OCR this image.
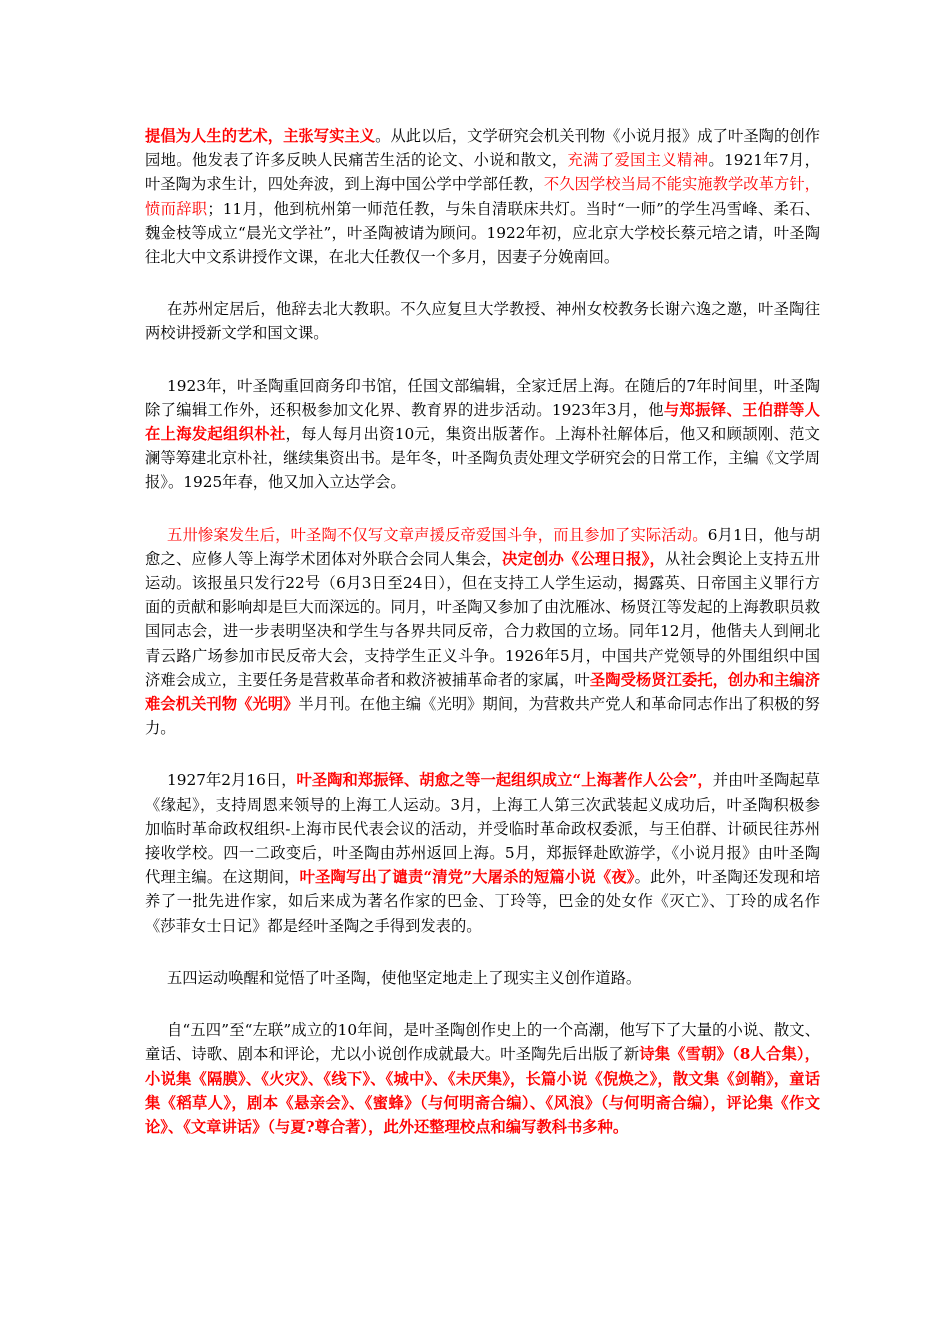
提倡为人生的艺术，主张写实主义。从此以后，文学研究会机关刊物《小说月报》成了叶圣陶的创作园地。他发表了许多反映人民痛苦生活的论文、小说和散文，充满了爱国主义精神。1921年7月，叶圣陶为求生计，四处奔波，到上海中国公学中学部任教，不久因学校当局不能实施教学改革方针，愤而辞职；11月，他到杭州第一师范任教，与朱自清联床共灯。当时“一师”的学生冯雪峰、柔石、魏金枝等成立“晨光文学社”，叶圣陶被请为顾问。1922年初，应北京大学校长蔡元培之请，叶圣陶往北大中文系讲授作文课，在北大任教仅一个多月，因妻子分娩南回。

在苏州定居后，他辞去北大教职。不久应复旦大学教授、神州女校教务长谢六逸之邀，叶圣陶往两校讲授新文学和国文课。

1923年，叶圣陶重回商务印书馆，任国文部编辑，全家迁居上海。在随后的7年时间里，叶圣陶除了编辑工作外，还积极参加文化界、教育界的进步活动。1923年3月，他与郑振铎、王伯群等人在上海发起组织朴社，每人每月出资10元，集资出版著作。上海朴社解体后，他又和顾颉刚、范文澜等筹建北京朴社，继续集资出书。是年冬，叶圣陶负责处理文学研究会的日常工作，主编《文学周报》。1925年春，他又加入立达学会。

五卅惨案发生后，叶圣陶不仅写文章声援反帝爱国斗争，而且参加了实际活动。6月1日，他与胡愈之、应修人等上海学术团体对外联合会同人集会，决定创办《公理日报》，从社会舆论上支持五卅运动。该报虽只发行22号（6月3日至24日），但在支持工人学生运动，揭露英、日帝国主义罪行方面的贡献和影响却是巨大而深远的。同月，叶圣陶又参加了由沈雁冰、杨贤江等发起的上海教职员救国同志会，进一步表明坚决和学生与各界共同反帝，合力救国的立场。同年12月，他偕夫人到闸北青云路广场参加市民反帝大会，支持学生正义斗争。1926年5月，中国共产党领导的外围组织中国济难会成立，主要任务是营救革命者和救济被捕革命者的家属，叶圣陶受杨贤江委托，创办和主编济难会机关刊物《光明》半月刊。在他主编《光明》期间，为营救共产党人和革命同志作出了积极的努力。

1927年2月16日，叶圣陶和郑振铎、胡愈之等一起组织成立“上海著作人公会”，并由叶圣陶起草《缘起》，支持周恩来领导的上海工人运动。3月，上海工人第三次武装起义成功后，叶圣陶积极参加临时革命政权组织-上海市民代表会议的活动，并受临时革命政权委派，与王伯群、计硕民往苏州接收学校。四一二政变后，叶圣陶由苏州返回上海。5月，郑振铎赴欧游学，《小说月报》由叶圣陶代理主编。在这期间，叶圣陶写出了谴责“清党”大屠杀的短篇小说《夜》。此外，叶圣陶还发现和培养了一批先进作家，如后来成为著名作家的巴金、丁玲等，巴金的处女作《灭亡》、丁玲的成名作《莎菲女士日记》都是经叶圣陶之手得到发表的。

五四运动唤醒和觉悟了叶圣陶，使他坚定地走上了现实主义创作道路。

自“五四”至“左联”成立的10年间，是叶圣陶创作史上的一个高潮，他写下了大量的小说、散文、童话、诗歌、剧本和评论，尤以小说创作成就最大。叶圣陶先后出版了新诗集《雪朝》（8人合集），小说集《隔膜》、《火灾》、《线下》、《城中》、《未厌集》，长篇小说《倪焕之》，散文集《剑鞘》，童话集《稻草人》，剧本《悬亲会》、《蜜蜂》（与何明斋合编）、《风浪》（与何明斋合编），评论集《作文论》、《文章讲话》（与夏?尊合著），此外还整理校点和编写教科书多种。
